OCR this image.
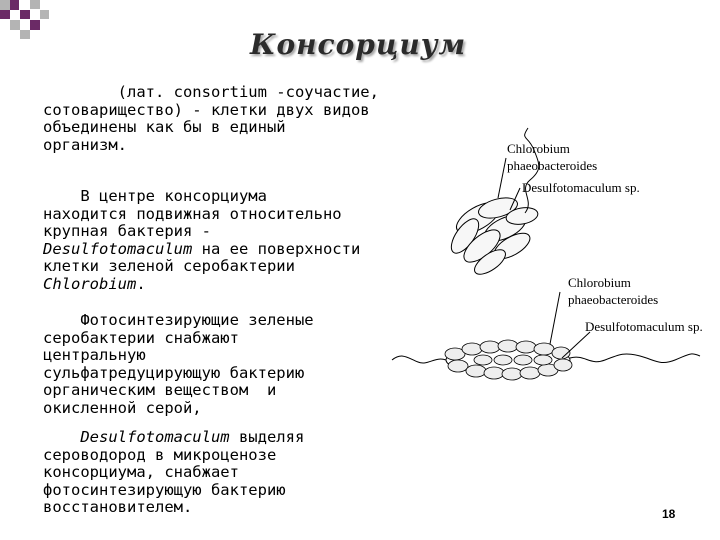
Консорциум
(лат. consortium -соучастие,
сотоварищество) - клетки двух видов
объединены как бы в единый
организм.
В центре консорциума
находится подвижная относительно
крупная бактерия -
Desulfotomaculum на ее поверхности
клетки зеленой серобактерии
Chlorobium.
Фотосинтезирующие зеленые
серобактерии снабжают
центральную
сульфатредуцирующую бактерию
органическим веществом  и
окисленной серой,
Desulfotomaculum выделяя
сероводород в микроценозе
консорциума, снабжает
фотосинтезирующую бактерию
восстановителем.
Chlorobium
phaeobacteroides
Desulfotomaculum sp.
Chlorobium
phaeobacteroides
Desulfotomaculum sp.
18
